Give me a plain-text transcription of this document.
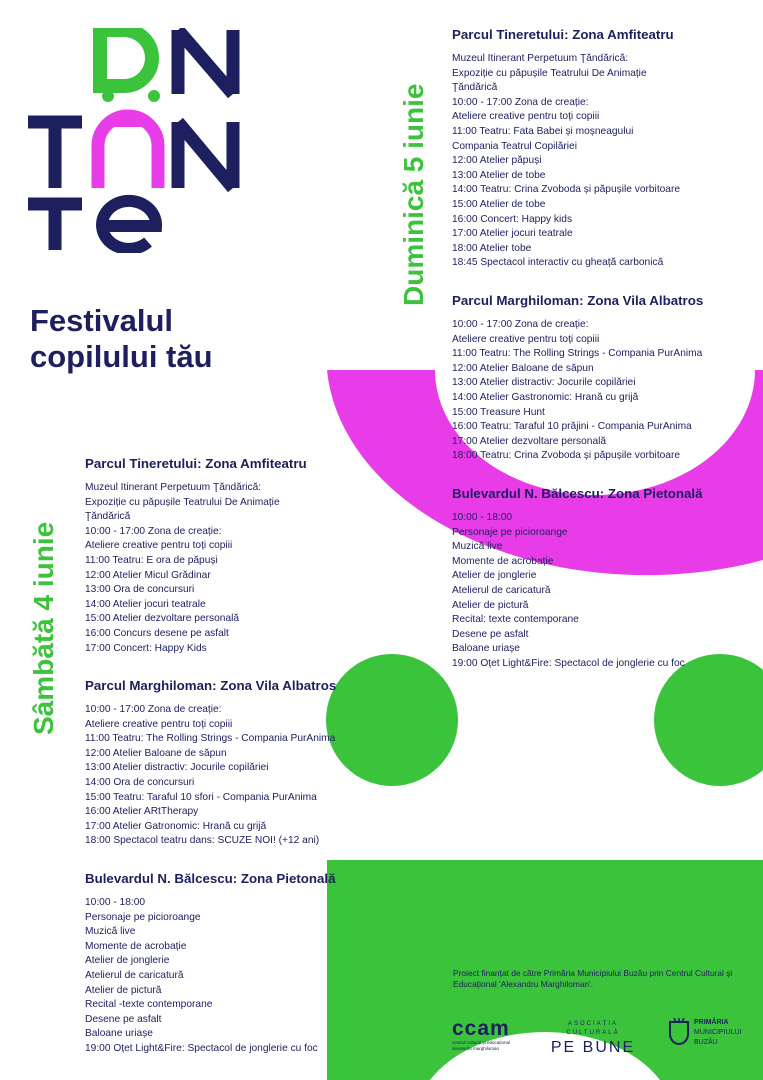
Festivalul
copilului tău
Duminică 5 iunie
Sâmbătă 4 iunie
Parcul Tineretului: Zona Amfiteatru
Muzeul Itinerant Perpetuum Ţăndărică:
Expoziție cu păpușile Teatrului De Animație
Ţăndărică
10:00 - 17:00 Zona de creație:
Ateliere creative pentru toți copiii
11:00 Teatru: Fata Babei și moșneagului
Compania Teatrul Copilăriei
12:00 Atelier păpuși
13:00 Atelier de tobe
14:00 Teatru: Crina Zvoboda și păpușile vorbitoare
15:00 Atelier de tobe
16:00 Concert: Happy kids
17:00 Atelier jocuri teatrale
18:00 Atelier tobe
18:45 Spectacol interactiv cu gheață carbonică
Parcul Marghiloman: Zona Vila Albatros
10:00 - 17:00 Zona de creație:
Ateliere creative pentru toți copiii
11:00 Teatru: The Rolling Strings - Compania PurAnima
12:00 Atelier Baloane de săpun
13:00 Atelier distractiv: Jocurile copilăriei
14:00 Atelier Gastronomic: Hrană cu grijă
15:00 Treasure Hunt
16:00 Teatru: Taraful 10 prăjini - Compania PurAnima
17:00 Atelier dezvoltare personală
18:00 Teatru: Crina Zvoboda și păpușile vorbitoare
Bulevardul N. Bălcescu: Zona Pietonală
10:00 - 18:00
Personaje pe picioroange
Muzică live
Momente de acrobație
Atelier de jonglerie
Atelierul de caricatură
Atelier de pictură
Recital: texte contemporane
Desene pe asfalt
Baloane uriașe
19:00 Oțet Light&Fire: Spectacol de jonglerie cu foc
Parcul Tineretului: Zona Amfiteatru
Muzeul Itinerant Perpetuum Ţăndărică:
Expoziție cu păpușile Teatrului De Animație
Ţăndărică
10:00 - 17:00 Zona de creație:
Ateliere creative pentru toți copiii
11:00 Teatru: E ora de păpuși
12:00 Atelier Micul Grădinar
13:00 Ora de concursuri
14:00 Atelier jocuri teatrale
15:00 Atelier dezvoltare personală
16:00 Concurs desene pe asfalt
17:00 Concert: Happy Kids
Parcul Marghiloman: Zona Vila Albatros
10:00 - 17:00 Zona de creație:
Ateliere creative pentru toți copiii
11:00 Teatru: The Rolling Strings - Compania PurAnima
12:00 Atelier Baloane de săpun
13:00 Atelier distractiv: Jocurile copilăriei
14:00 Ora de concursuri
15:00 Teatru: Taraful 10 sfori - Compania PurAnima
16:00 Atelier ARtTherapy
17:00 Atelier Gatronomic: Hrană cu grijă
18:00 Spectacol teatru dans: SCUZE NOI! (+12 ani)
Bulevardul N. Bălcescu: Zona Pietonală
10:00 - 18:00
Personaje pe picioroange
Muzică live
Momente de acrobație
Atelier de jonglerie
Atelierul de caricatură
Atelier de pictură
Recital -texte contemporane
Desene pe asfalt
Baloane uriașe
19:00 Oțet Light&Fire: Spectacol de jonglerie cu foc
Proiect finanțat de către Primăria Municipiului Buzău prin Centrul Cultural și Educațional 'Alexandru Marghiloman'.
ccam
centrul cultural și educațional
alexandru marghiloman
ASOCIAȚIA CULTURALĂ
PE BUNE
PRIMĂRIA
MUNICIPIULUI
BUZĂU
